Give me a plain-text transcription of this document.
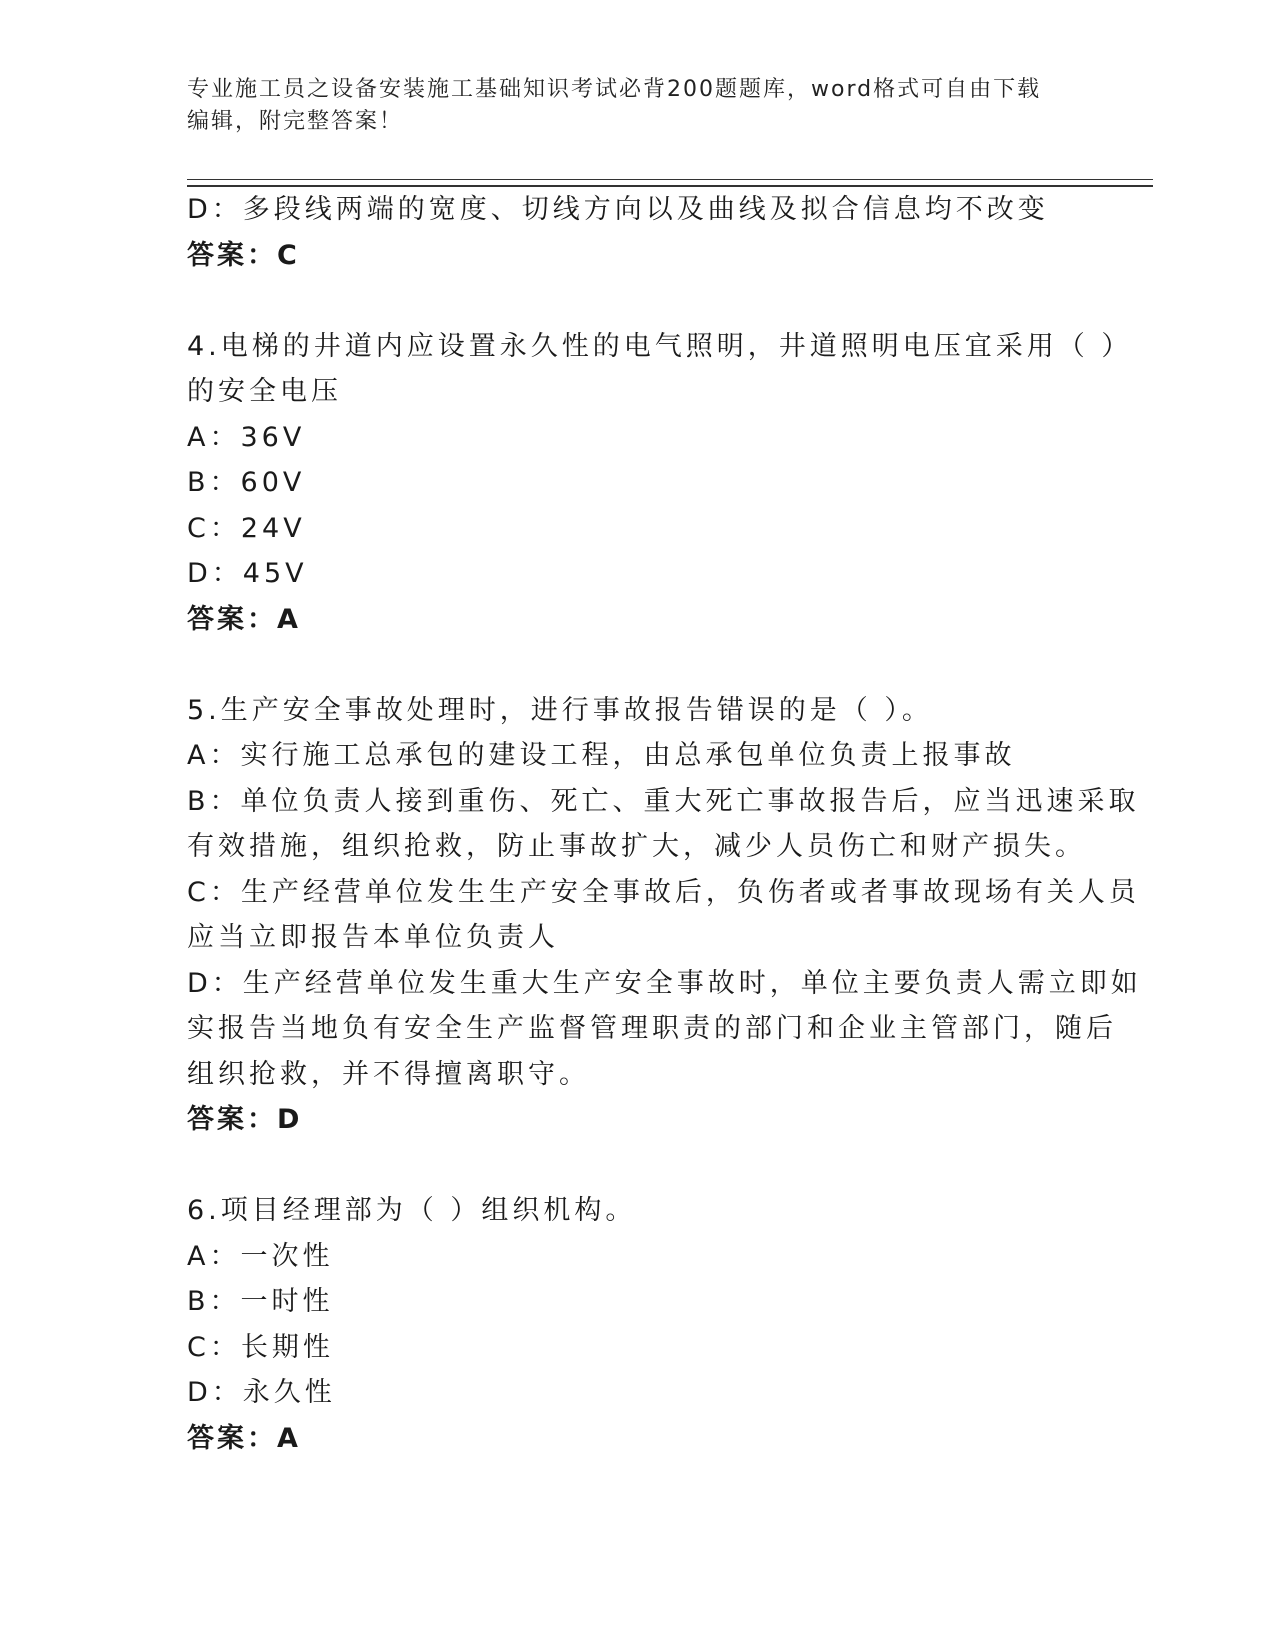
专业施工员之设备安装施工基础知识考试必背200题题库，word格式可自由下载
编辑，附完整答案！
D：多段线两端的宽度、切线方向以及曲线及拟合信息均不改变
答案：C
4.电梯的井道内应设置永久性的电气照明，井道照明电压宜采用（ ）
的安全电压
A：36V
B：60V
C：24V
D：45V
答案：A
5.生产安全事故处理时，进行事故报告错误的是（ ）。
A：实行施工总承包的建设工程，由总承包单位负责上报事故
B：单位负责人接到重伤、死亡、重大死亡事故报告后，应当迅速采取
有效措施，组织抢救，防止事故扩大，减少人员伤亡和财产损失。
C：生产经营单位发生生产安全事故后，负伤者或者事故现场有关人员
应当立即报告本单位负责人
D：生产经营单位发生重大生产安全事故时，单位主要负责人需立即如
实报告当地负有安全生产监督管理职责的部门和企业主管部门，随后
组织抢救，并不得擅离职守。
答案：D
6.项目经理部为（ ）组织机构。
A：一次性
B：一时性
C：长期性
D：永久性
答案：A
